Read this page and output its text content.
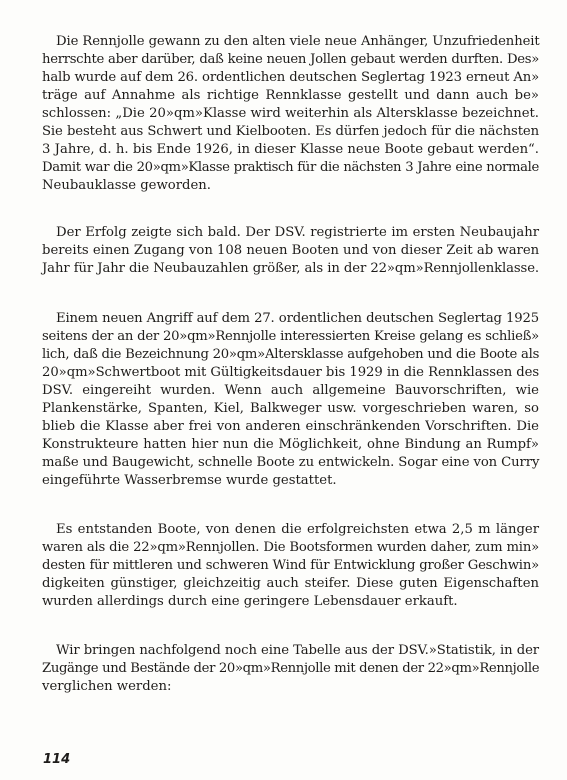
Die Rennjolle gewann zu den alten viele neue Anhänger, Unzufriedenheit
herrschte aber darüber, daß keine neuen Jollen gebaut werden durften. Des»
halb wurde auf dem 26. ordentlichen deutschen Seglertag 1923 erneut An»
träge auf Annahme als richtige Rennklasse gestellt und dann auch be»
schlossen: „Die 20»qm»Klasse wird weiterhin als Altersklasse bezeichnet.
Sie besteht aus Schwert und Kielbooten. Es dürfen jedoch für die nächsten
3 Jahre, d. h. bis Ende 1926, in dieser Klasse neue Boote gebaut werden“.
Damit war die 20»qm»Klasse praktisch für die nächsten 3 Jahre eine normale
Neubauklasse geworden.
Der Erfolg zeigte sich bald. Der DSV. registrierte im ersten Neubaujahr
bereits einen Zugang von 108 neuen Booten und von dieser Zeit ab waren
Jahr für Jahr die Neubauzahlen größer, als in der 22»qm»Rennjollenklasse.
Einem neuen Angriff auf dem 27. ordentlichen deutschen Seglertag 1925
seitens der an der 20»qm»Rennjolle interessierten Kreise gelang es schließ»
lich, daß die Bezeichnung 20»qm»Altersklasse aufgehoben und die Boote als
20»qm»Schwertboot mit Gültigkeitsdauer bis 1929 in die Rennklassen des
DSV. eingereiht wurden. Wenn auch allgemeine Bauvorschriften, wie
Plankenstärke, Spanten, Kiel, Balkweger usw. vorgeschrieben waren, so
blieb die Klasse aber frei von anderen einschränkenden Vorschriften. Die
Konstrukteure hatten hier nun die Möglichkeit, ohne Bindung an Rumpf»
maße und Baugewicht, schnelle Boote zu entwickeln. Sogar eine von Curry
eingeführte Wasserbremse wurde gestattet.
Es entstanden Boote, von denen die erfolgreichsten etwa 2,5 m länger
waren als die 22»qm»Rennjollen. Die Bootsformen wurden daher, zum min»
desten für mittleren und schweren Wind für Entwicklung großer Geschwin»
digkeiten günstiger, gleichzeitig auch steifer. Diese guten Eigenschaften
wurden allerdings durch eine geringere Lebensdauer erkauft.
Wir bringen nachfolgend noch eine Tabelle aus der DSV.»Statistik, in der
Zugänge und Bestände der 20»qm»Rennjolle mit denen der 22»qm»Rennjolle
verglichen werden:
114
